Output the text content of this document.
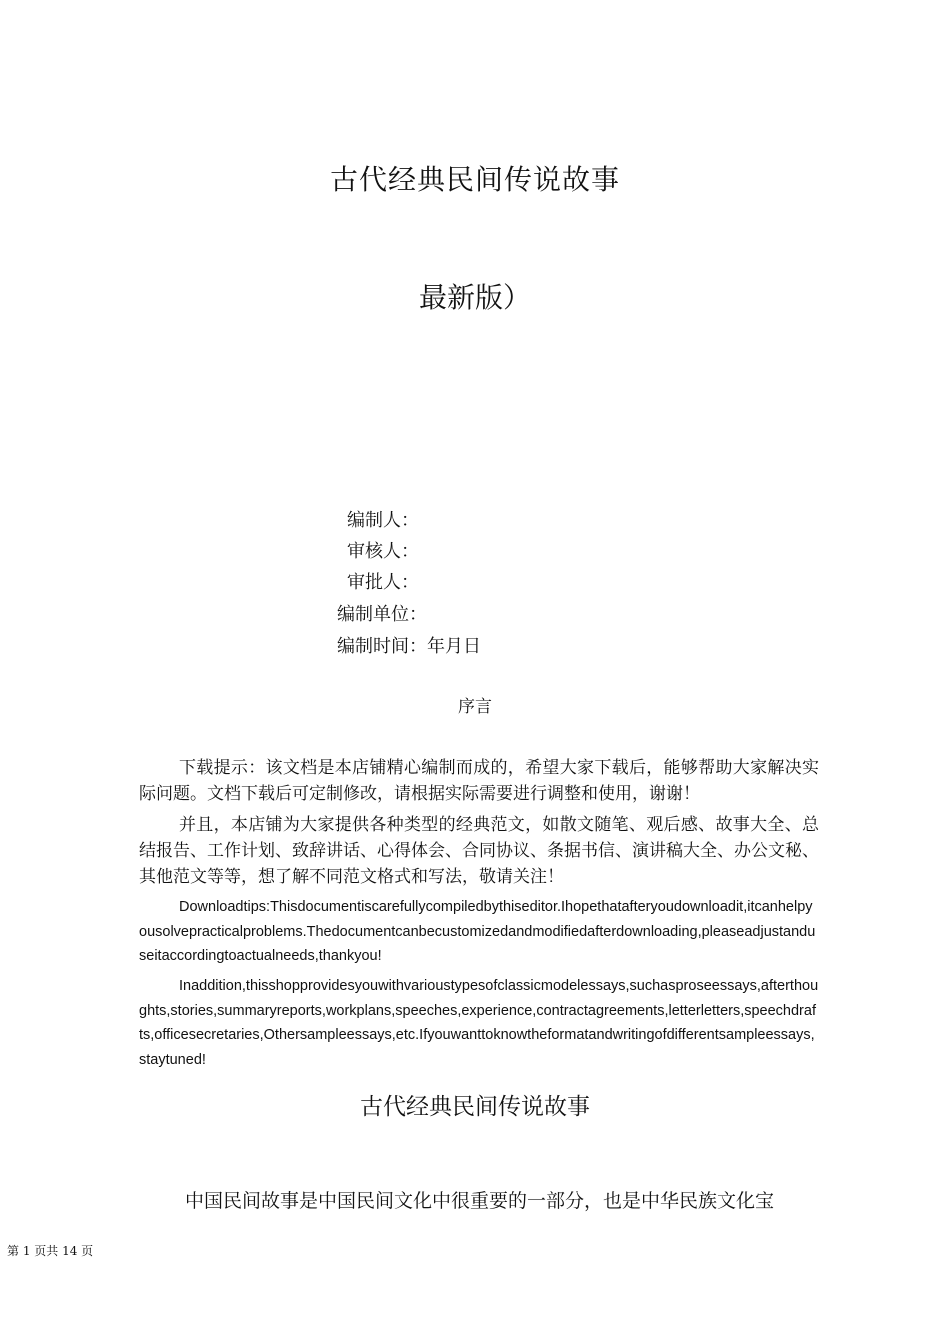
古代经典民间传说故事
最新版）
编制人：
审核人：
审批人：
编制单位：
编制时间：年月日
序言
下载提示：该文档是本店铺精心编制而成的，希望大家下载后，能够帮助大家解决实际问题。文档下载后可定制修改，请根据实际需要进行调整和使用，谢谢！
并且，本店铺为大家提供各种类型的经典范文，如散文随笔、观后感、故事大全、总结报告、工作计划、致辞讲话、心得体会、合同协议、条据书信、演讲稿大全、办公文秘、其他范文等等，想了解不同范文格式和写法，敬请关注！
Downloadtips:Thisdocumentiscarefullycompiledbythiseditor.Ihopethatafteryoudownloadit,itcanhelpyousolvepracticalproblems.Thedocumentcanbecustomizedandmodifiedafterdownloading,pleaseadjustanduseitaccordingtoactualneeds,thankyou!
Inaddition,thisshopprovidesyouwithvarioustypesofclassicmodelessays,suchasproseessays,afterthoughts,stories,summaryreports,workplans,speeches,experience,contractagreements,letterletters,speechdrafts,officesecretaries,Othersampleessays,etc.Ifyouwanttoknowtheformatandwritingofdifferentsampleessays,staytuned!
古代经典民间传说故事
中国民间故事是中国民间文化中很重要的一部分，也是中华民族文化宝
第 1 页共 14 页
